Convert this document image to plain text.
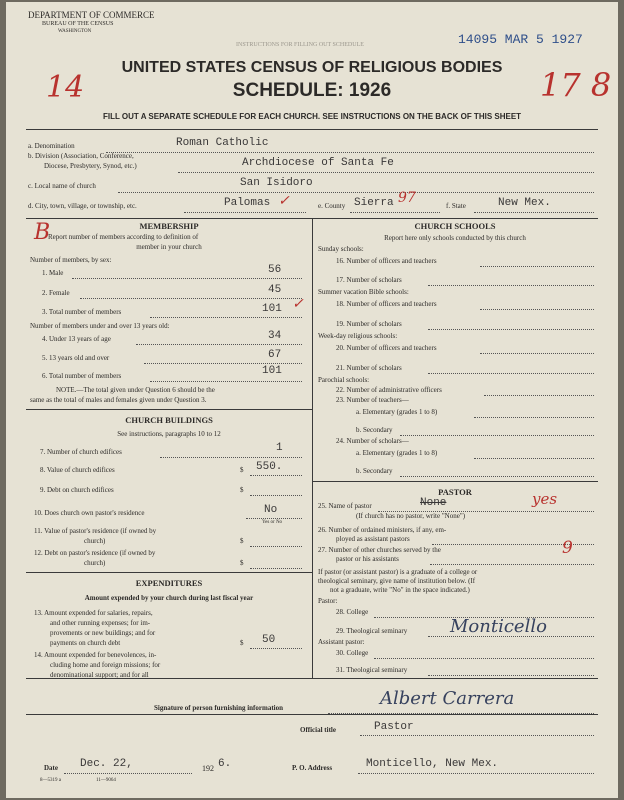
DEPARTMENT OF COMMERCE
BUREAU OF THE CENSUS
WASHINGTON
14095 MAR 5 1927
INSTRUCTIONS FOR FILLING OUT SCHEDULE
14	17 8
UNITED STATES CENSUS OF RELIGIOUS BODIES
SCHEDULE: 1926
FILL OUT A SEPARATE SCHEDULE FOR EACH CHURCH. SEE INSTRUCTIONS ON THE BACK OF THIS SHEET
a. Denomination	Roman Catholic
b. Division (Association, Conference,
Diocese, Presbytery, Synod, etc.)	Archdiocese of Santa Fe
c. Local name of church	San Isidoro
d. City, town, village, or township, etc.	Palomas ✓	e. County Sierra 97	f. State	New Mex.
B	MEMBERSHIP
Report number of members according to definition of
member in your church
Number of members, by sex:
1. Male	56
2. Female	45
3. Total number of members	101 ✓
Number of members under and over 13 years old:
4. Under 13 years of age	34
5. 13 years old and over	67
6. Total number of members	101
NOTE.—The total given under Question 6 should be the
same as the total of males and females given under Question 3.
CHURCH BUILDINGS
See instructions, paragraphs 10 to 12
7. Number of church edifices	1
8. Value of church edifices	$ 550.
9. Debt on church edifices	$
10. Does church own pastor's residence	No
Yes or No
11. Value of pastor's residence (if owned by
church)	$
12. Debt on pastor's residence (if owned by
church)	$
EXPENDITURES
Amount expended by your church during last fiscal year
13. Amount expended for salaries, repairs,
and other running expenses; for im-
provements or new buildings; and for
payments on church debt	$ 50
14. Amount expended for benevolences, in-
cluding home and foreign missions; for
denominational support; and for all
CHURCH SCHOOLS
Report here only schools conducted by this church
Sunday schools:
16. Number of officers and teachers
17. Number of scholars
Summer vacation Bible schools:
18. Number of officers and teachers
19. Number of scholars
Week-day religious schools:
20. Number of officers and teachers
21. Number of scholars
Parochial schools:
22. Number of administrative officers
23. Number of teachers—
a. Elementary (grades 1 to 8)
b. Secondary
24. Number of scholars—
a. Elementary (grades 1 to 8)
b. Secondary
PASTOR
25. Name of pastor	None	yes
(If church has no pastor, write "None")
26. Number of ordained ministers, if any, em-
ployed as assistant pastors
27. Number of other churches served by the
pastor or his assistants
9
If pastor (or assistant pastor) is a graduate of a college or
theological seminary, give name of institution below. (If
not a graduate, write "No" in the space indicated.)
Pastor:
28. College
29. Theological seminary Monticello
Assistant pastor:
30. College
31. Theological seminary
Signature of person furnishing information	Albert Carrera
Official title	Pastor
Date Dec. 22,	192 6.	P. O. Address	Monticello, New Mex.
8—5319 a	11—9064
